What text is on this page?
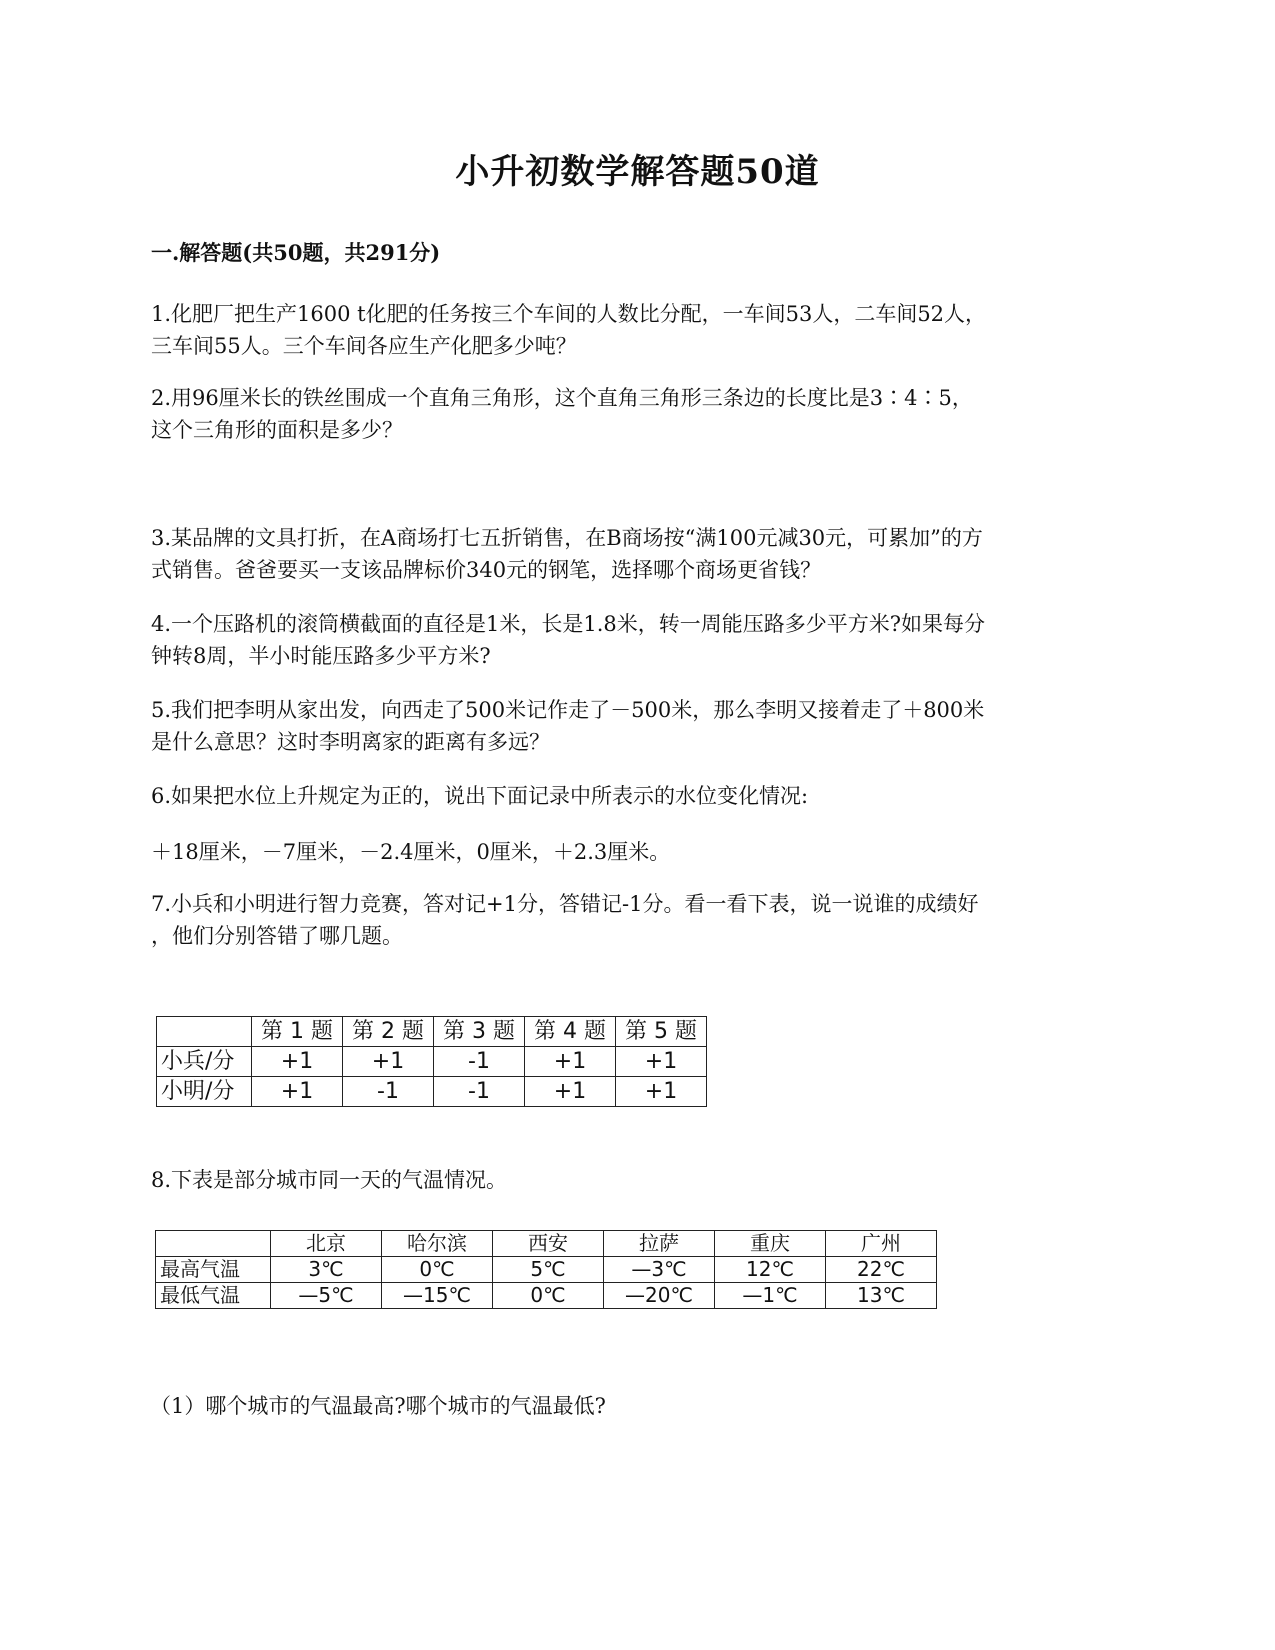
小升初数学解答题50道
一.解答题(共50题，共291分)
1.化肥厂把生产1600 t化肥的任务按三个车间的人数比分配，一车间53人，二车间52人，
三车间55人。三个车间各应生产化肥多少吨？
2.用96厘米长的铁丝围成一个直角三角形，这个直角三角形三条边的长度比是3∶4∶5，
这个三角形的面积是多少？
3.某品牌的文具打折，在A商场打七五折销售，在B商场按“满100元减30元，可累加”的方
式销售。爸爸要买一支该品牌标价340元的钢笔，选择哪个商场更省钱？
4.一个压路机的滚筒横截面的直径是1米，长是1.8米，转一周能压路多少平方米?如果每分
钟转8周，半小时能压路多少平方米?
5.我们把李明从家出发，向西走了500米记作走了－500米，那么李明又接着走了＋800米
是什么意思？这时李明离家的距离有多远？
6.如果把水位上升规定为正的，说出下面记录中所表示的水位变化情况:
＋18厘米，－7厘米，－2.4厘米，0厘米，＋2.3厘米。
7.小兵和小明进行智力竞赛，答对记+1分，答错记-1分。看一看下表，说一说谁的成绩好
，他们分别答错了哪几题。
	第 1 题	第 2 题	第 3 题	第 4 题	第 5 题
小兵/分	+1	+1	-1	+1	+1
小明/分	+1	-1	-1	+1	+1
8.下表是部分城市同一天的气温情况。
	北京	哈尔滨	西安	拉萨	重庆	广州
最高气温	3℃	0℃	5℃	—3℃	12℃	22℃
最低气温	—5℃	—15℃	0℃	—20℃	—1℃	13℃
（1）哪个城市的气温最高?哪个城市的气温最低?
